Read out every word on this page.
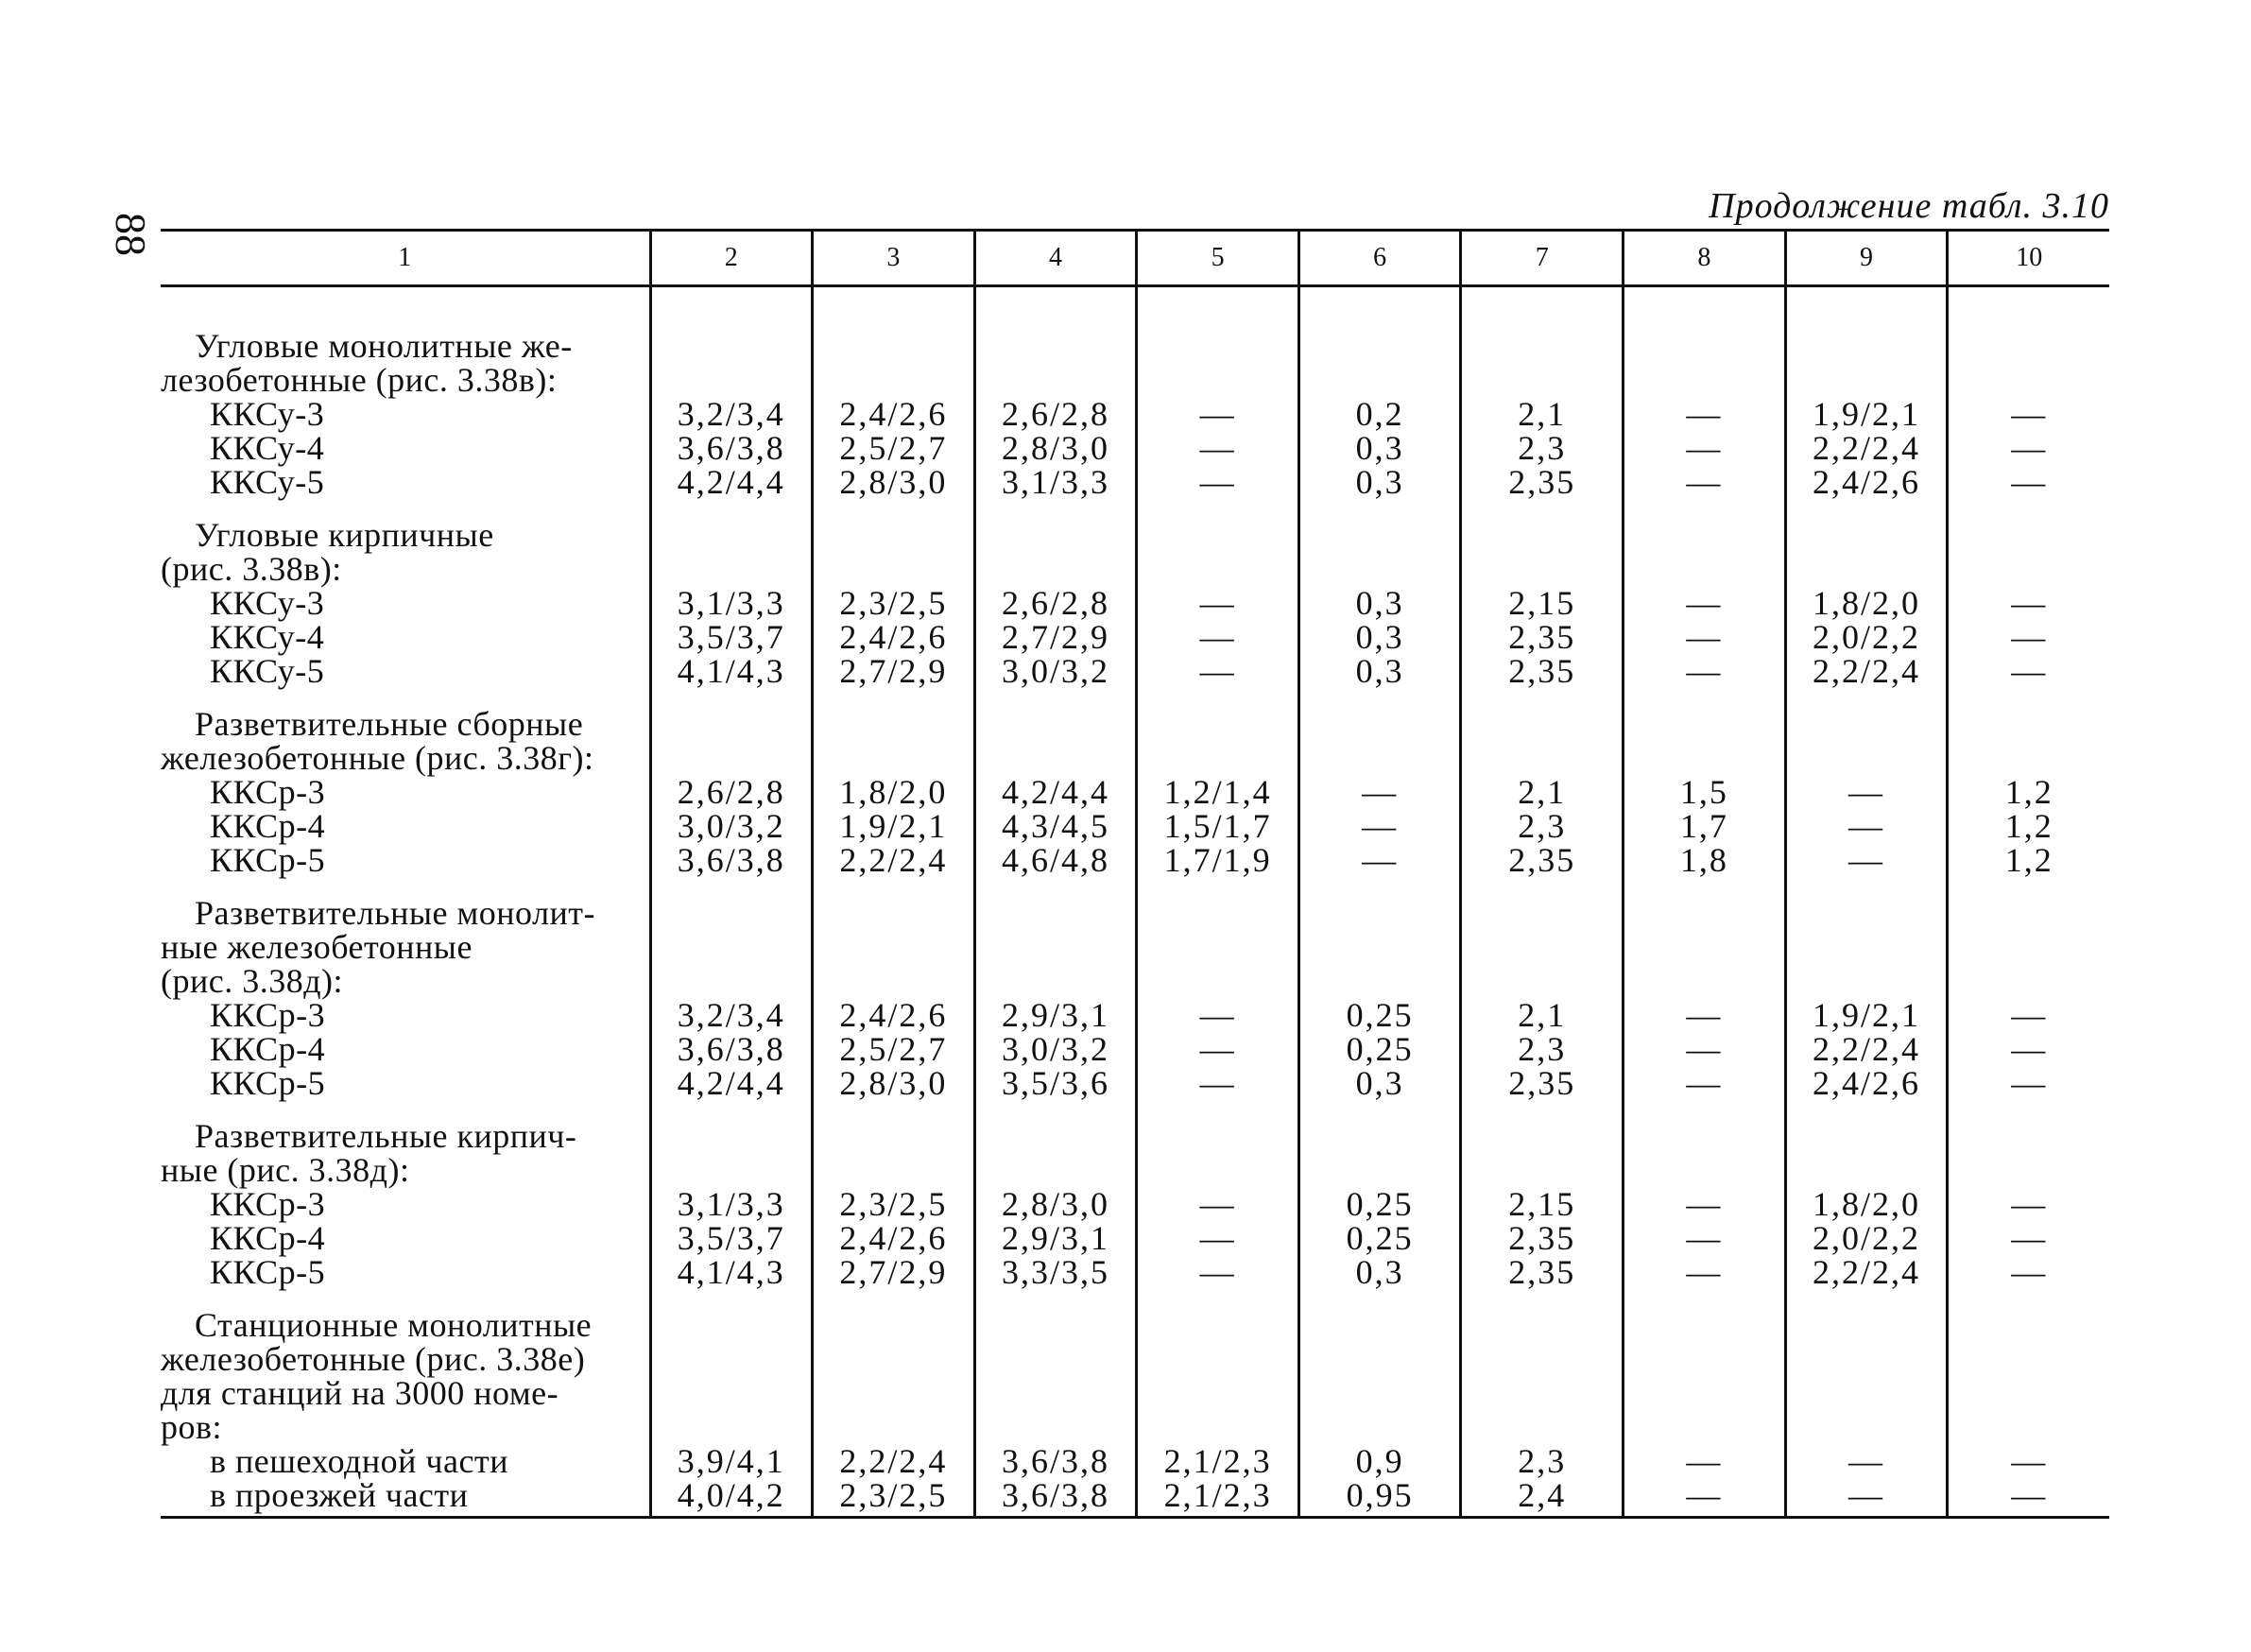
88
Продолжение табл. 3.10
1	2	3	4	5	6	7	8	9	10

Угловые монолитные же-									
лезобетонные (рис. 3.38в):									
ККСу-3	3,2/3,4	2,4/2,6	2,6/2,8	—	0,2	2,1	—	1,9/2,1	—
ККСу-4	3,6/3,8	2,5/2,7	2,8/3,0	—	0,3	2,3	—	2,2/2,4	—
ККСу-5	4,2/4,4	2,8/3,0	3,1/3,3	—	0,3	2,35	—	2,4/2,6	—

Угловые кирпичные									
(рис. 3.38в):									
ККСу-3	3,1/3,3	2,3/2,5	2,6/2,8	—	0,3	2,15	—	1,8/2,0	—
ККСу-4	3,5/3,7	2,4/2,6	2,7/2,9	—	0,3	2,35	—	2,0/2,2	—
ККСу-5	4,1/4,3	2,7/2,9	3,0/3,2	—	0,3	2,35	—	2,2/2,4	—

Разветвительные сборные									
железобетонные (рис. 3.38г):									
ККСр-3	2,6/2,8	1,8/2,0	4,2/4,4	1,2/1,4	—	2,1	1,5	—	1,2
ККСр-4	3,0/3,2	1,9/2,1	4,3/4,5	1,5/1,7	—	2,3	1,7	—	1,2
ККСр-5	3,6/3,8	2,2/2,4	4,6/4,8	1,7/1,9	—	2,35	1,8	—	1,2

Разветвительные монолит-									
ные железобетонные									
(рис. 3.38д):									
ККСр-3	3,2/3,4	2,4/2,6	2,9/3,1	—	0,25	2,1	—	1,9/2,1	—
ККСр-4	3,6/3,8	2,5/2,7	3,0/3,2	—	0,25	2,3	—	2,2/2,4	—
ККСр-5	4,2/4,4	2,8/3,0	3,5/3,6	—	0,3	2,35	—	2,4/2,6	—

Разветвительные кирпич-									
ные (рис. 3.38д):									
ККСр-3	3,1/3,3	2,3/2,5	2,8/3,0	—	0,25	2,15	—	1,8/2,0	—
ККСр-4	3,5/3,7	2,4/2,6	2,9/3,1	—	0,25	2,35	—	2,0/2,2	—
ККСр-5	4,1/4,3	2,7/2,9	3,3/3,5	—	0,3	2,35	—	2,2/2,4	—

Станционные монолитные									
железобетонные (рис. 3.38е)									
для станций на 3000 номе-									
ров:									
в пешеходной части	3,9/4,1	2,2/2,4	3,6/3,8	2,1/2,3	0,9	2,3	—	—	—
в проезжей части	4,0/4,2	2,3/2,5	3,6/3,8	2,1/2,3	0,95	2,4	—	—	—
